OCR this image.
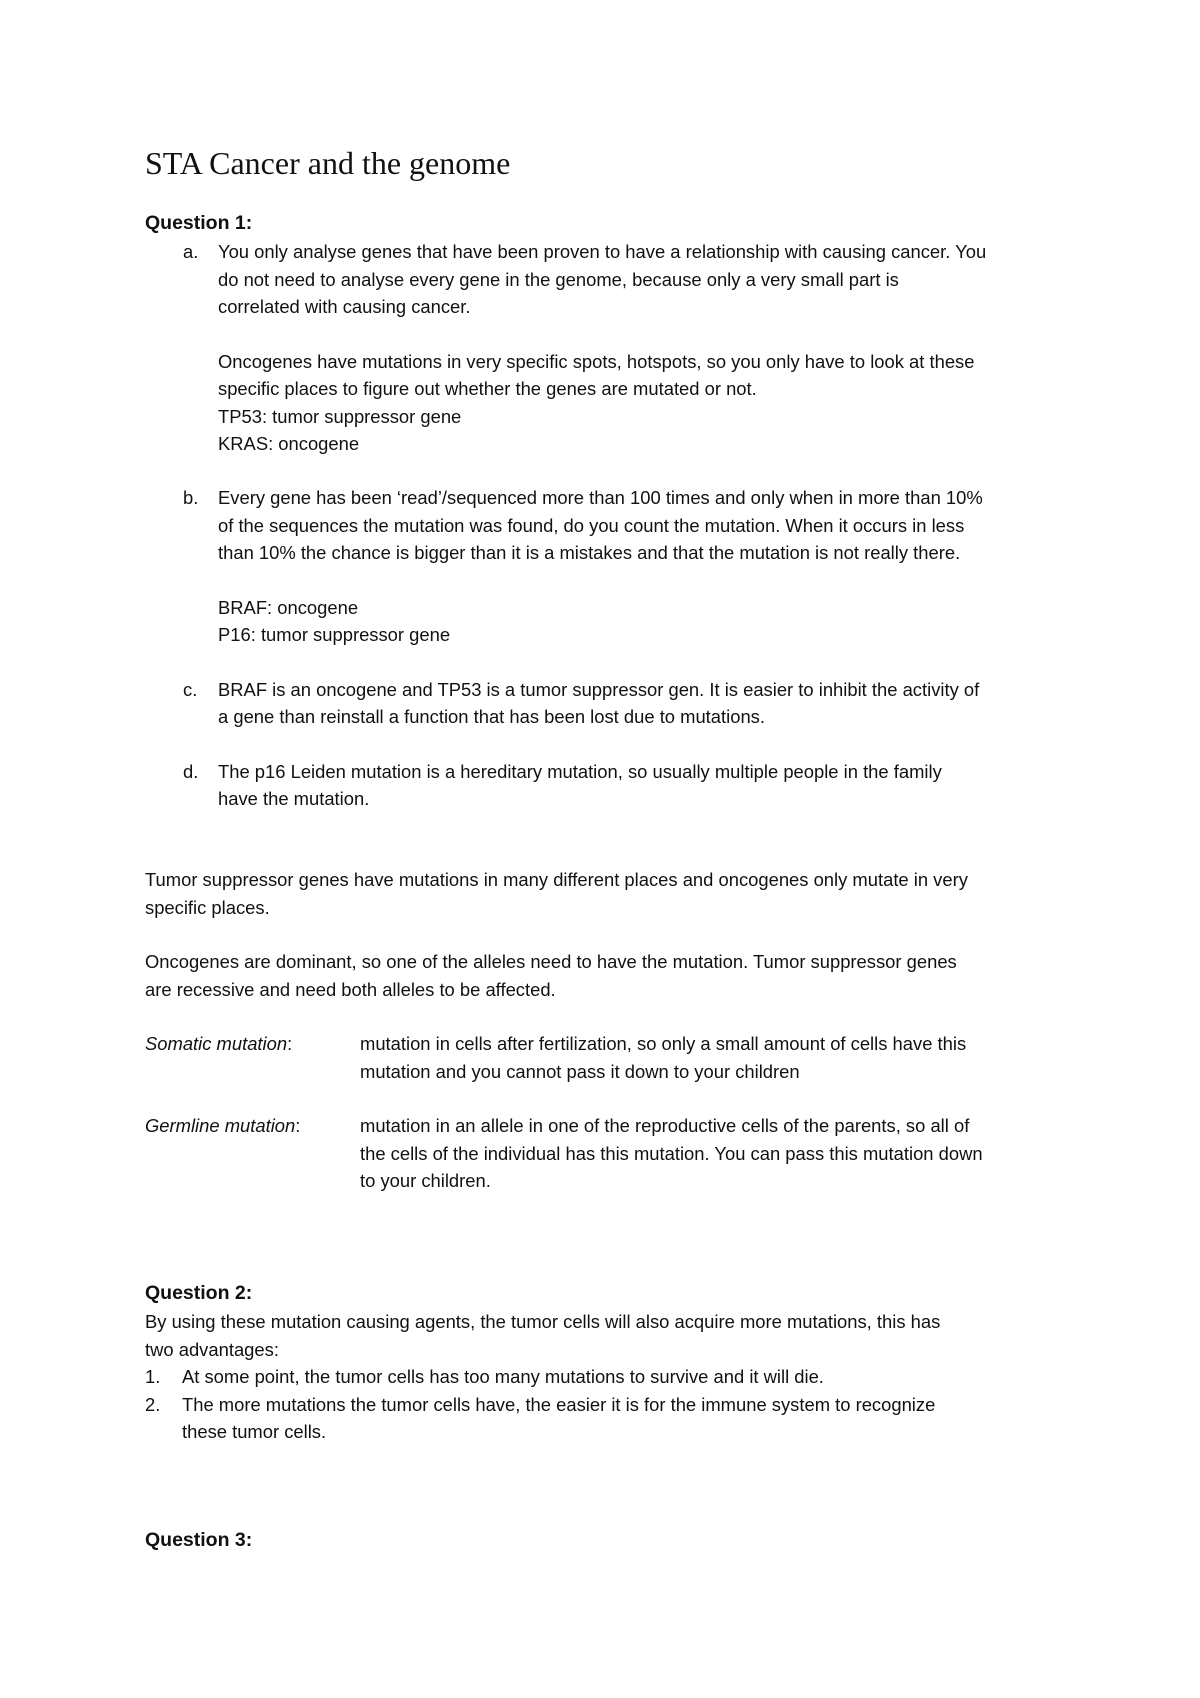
STA Cancer and the genome
Question 1:
a. You only analyse genes that have been proven to have a relationship with causing cancer. You
do not need to analyse every gene in the genome, because only a very small part is
correlated with causing cancer.
Oncogenes have mutations in very specific spots, hotspots, so you only have to look at these
specific places to figure out whether the genes are mutated or not.
TP53: tumor suppressor gene
KRAS: oncogene
b. Every gene has been ‘read’/sequenced more than 100 times and only when in more than 10%
of the sequences the mutation was found, do you count the mutation. When it occurs in less
than 10% the chance is bigger than it is a mistakes and that the mutation is not really there.
BRAF: oncogene
P16: tumor suppressor gene
c. BRAF is an oncogene and TP53 is a tumor suppressor gen. It is easier to inhibit the activity of
a gene than reinstall a function that has been lost due to mutations.
d. The p16 Leiden mutation is a hereditary mutation, so usually multiple people in the family
have the mutation.
Tumor suppressor genes have mutations in many different places and oncogenes only mutate in very
specific places.
Oncogenes are dominant, so one of the alleles need to have the mutation. Tumor suppressor genes
are recessive and need both alleles to be affected.
Somatic mutation:	mutation in cells after fertilization, so only a small amount of cells have this
mutation and you cannot pass it down to your children
Germline mutation:	mutation in an allele in one of the reproductive cells of the parents, so all of
the cells of the individual has this mutation. You can pass this mutation down
to your children.
Question 2:
By using these mutation causing agents, the tumor cells will also acquire more mutations, this has
two advantages:
1. At some point, the tumor cells has too many mutations to survive and it will die.
2. The more mutations the tumor cells have, the easier it is for the immune system to recognize
these tumor cells.
Question 3:
